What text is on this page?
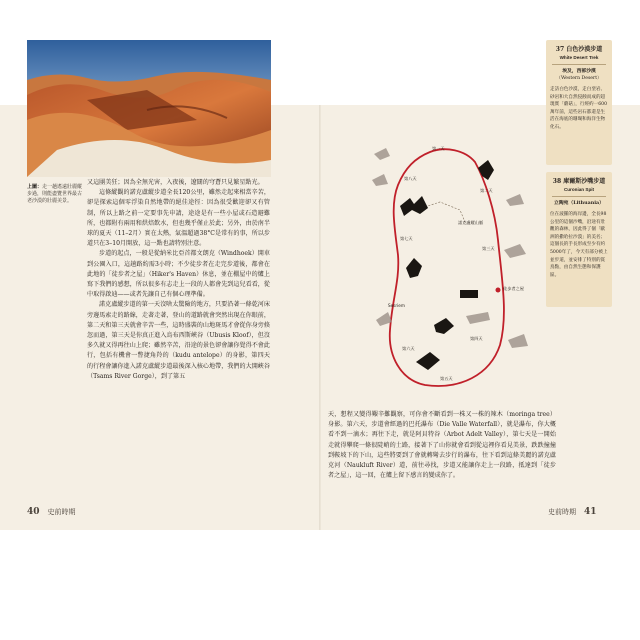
上圖：走一趟遙遠壯麗縱步過，則能盡覽世界最古老沙漠的壯麗美景。

又這團美狂；因為全無光害，入夜後，遼闊的穹蒼只見繁星點光。

這條縱觀的諾克盧縱步道全長120公里，雖然走起來相當辛苦，卻是探索這個零浮染自然地帶的絕佳途徑：因為很受歡迎卻又有管制，所以上路之前一定要事先申請，途途是有一些小屋或石造避難所，也都附有兩用和烘焙飲水，但也幾乎僅止於此；另外，由於南半球的夏天（11–2月）實在太熱，氣溫超過38°C是常有的事，所以步道只在3–10月開放，這一點也請特別注意。

步道的起点，一般是從納米比亞首都文朗克（Windhoek）開車到公園入口，這趟路約需3小時；不少徒步者在走完步道後，都會在此地的「徒步者之屋」（Hiker's Haven）休息，並在棚屋中的爐上寫下我們的感想，所以很多有志走上一段的人都會先到這兒看看，從中取得啟迪——或者先讓自己有個心理準備。

諾克盧縱步道的第一天沒啥太驚險的地方，只要沿著一條乾河床旁邊馬索走的路線，走著走著，登山的道路就會突然出現在你眼前，第二天和第三天就會辛苦一些，這時盛裝的山地斑馬才會從你身旁倏忽而過，第三天是你真正進入烏布西斯峽谷（Ubusis Kloof），但沒多久就又得再往山上爬；雖然辛苦，沿途的景色卻會讓你覺得不會此行，包括有機會一瞥捷角羚的（kudu antelope）的身影，第四天的行程會讓你進入諾克盧縱步道最後深入核心地帶，我們的大開峽谷（Tsams River Gorge），到了第五

40 史前時期
徒步者之屋
諾克盧縱山脈
Sesriem
第一天
第二天
第三天
第四天
第五天
第六天
第七天
第八天
37 白色沙漠步道
White Desert Trek
埃及，西部沙漠
（Western Desert）
走訪白色沙漠，走白堊岩、砂岩和大自然侵蝕而成的超現實「蘑菇」，行經約一600萬年前，這些岩石都還是生活在海底的珊瑚和海洋生物化石。
38 庫爾斯沙嘴步道
Curonian Spit
立陶宛（Lithuania）
位在波羅的海岸邊，全長98公里的這個沙嘴，沿途有壯觀的森林，因此得了個「歐洲的撒哈拉沙漠」的美名；這個長的手長形成至少有約5000年了，今天有部分被上並步道，並安排了特別的賞鳥點，由自然生態和保護區。

天，想程又變得艱辛難觀察，可你會不斷看到一株又一株的辣木（moringa tree）身影。第六天，步道會經過的巴托瀑布（Die Valle Waterfall），就是瀑布，你大概看不到一滴水；再往下走，就是阿貝特谷（Arbot Adelt Valley），第七天是一開始走就得攀爬一條很陡峭的土路，接著下了山你就會看到從這裡你看見美景，跌跌撞撞到鞍坡下的下山，這些將要到了會就轉彎去步行的瀑布，往下看到這條美麗的諾克盧克河（Naukluft River）道，前往尋找，步道又能讓你走上一段路，抵達到「徒步者之屋」，這一回，在爐上留下感言的變成你了。

史前時期 41
